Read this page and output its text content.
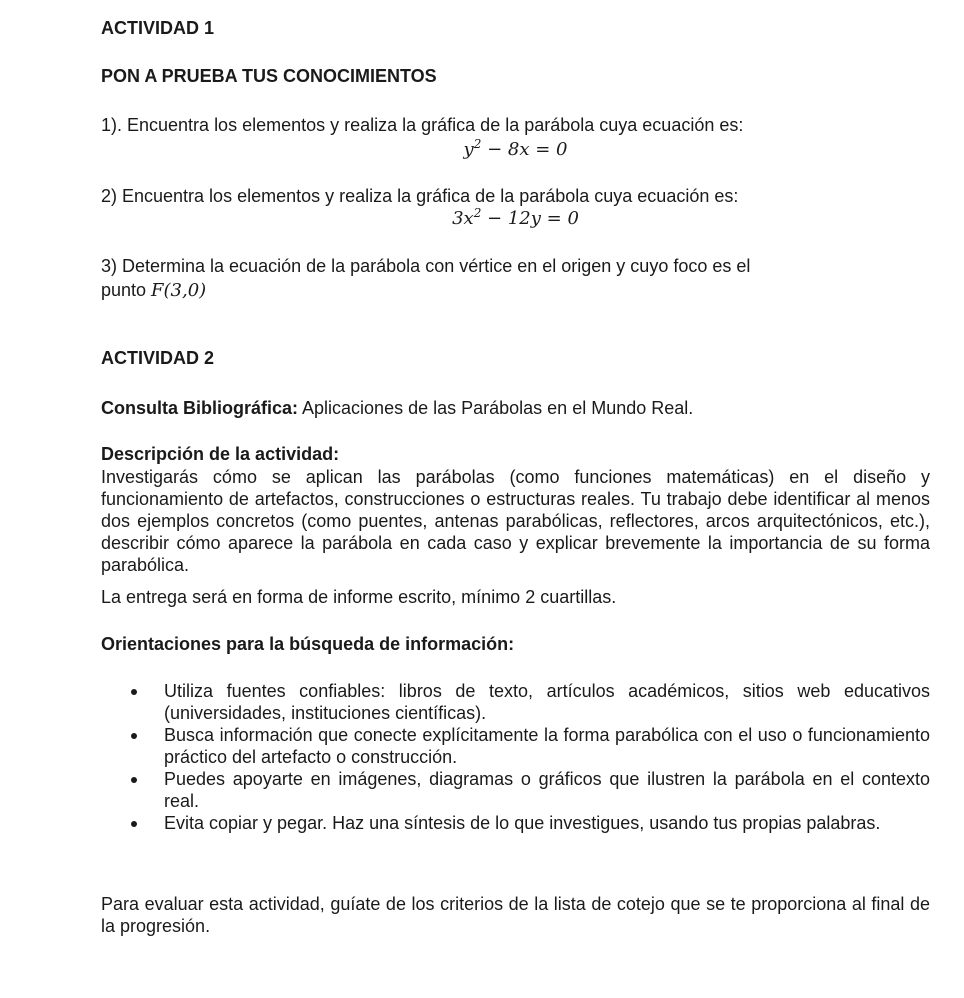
ACTIVIDAD 1
PON A PRUEBA TUS CONOCIMIENTOS
1). Encuentra los elementos y realiza la gráfica de la parábola cuya ecuación es:
$y^2 - 8x = 0$
2) Encuentra los elementos y realiza la gráfica de la parábola cuya ecuación es:
$3x^2 - 12y = 0$
3) Determina la ecuación de la parábola con vértice en el origen y cuyo foco es el
punto F(3,0)
ACTIVIDAD 2
Consulta Bibliográfica: Aplicaciones de las Parábolas en el Mundo Real.
Descripción de la actividad:
Investigarás cómo se aplican las parábolas (como funciones matemáticas) en el diseño y funcionamiento de artefactos, construcciones o estructuras reales. Tu trabajo debe identificar al menos dos ejemplos concretos (como puentes, antenas parabólicas, reflectores, arcos arquitectónicos, etc.), describir cómo aparece la parábola en cada caso y explicar brevemente la importancia de su forma parabólica.
La entrega será en forma de informe escrito, mínimo 2 cuartillas.
Orientaciones para la búsqueda de información:
Utiliza fuentes confiables: libros de texto, artículos académicos, sitios web educativos (universidades, instituciones científicas).
Busca información que conecte explícitamente la forma parabólica con el uso o funcionamiento práctico del artefacto o construcción.
Puedes apoyarte en imágenes, diagramas o gráficos que ilustren la parábola en el contexto real.
Evita copiar y pegar. Haz una síntesis de lo que investigues, usando tus propias palabras.
Para evaluar esta actividad, guíate de los criterios de la lista de cotejo que se te proporciona al final de la progresión.
